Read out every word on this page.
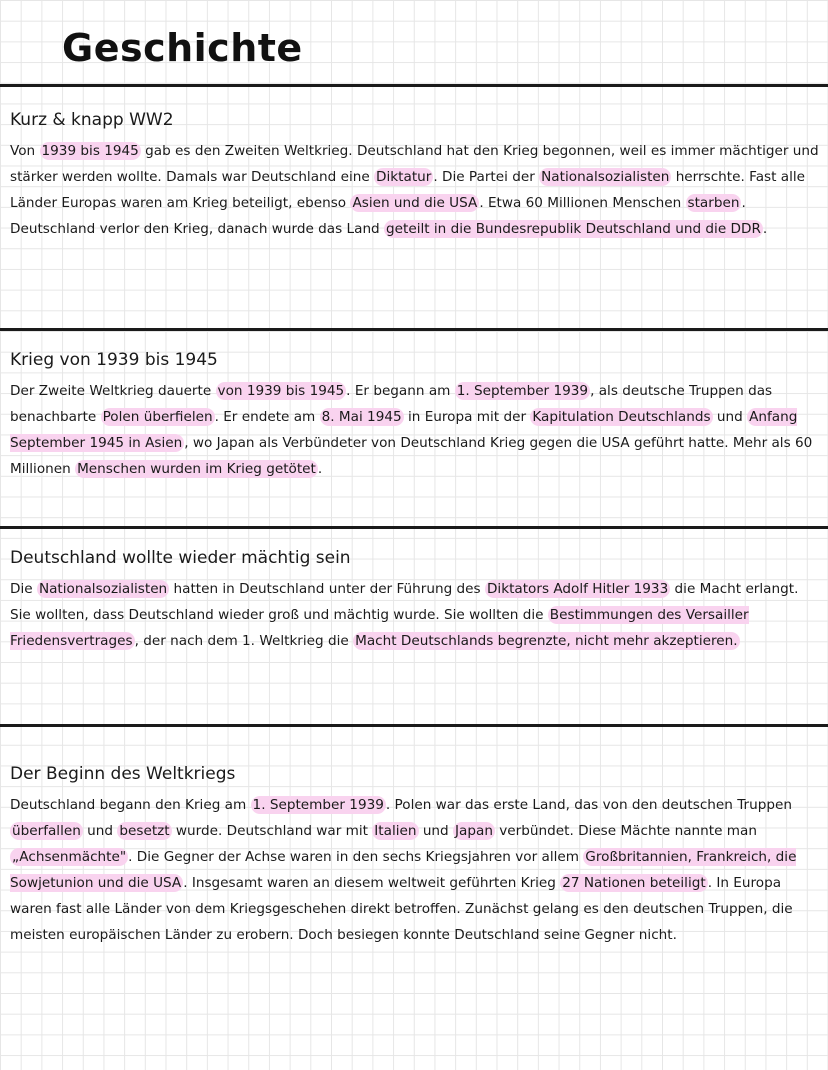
Geschichte
Kurz & knapp WW2

Von 1939 bis 1945 gab es den Zweiten Weltkrieg. Deutschland hat den Krieg begonnen, weil es immer mächtiger und stärker werden wollte. Damals war Deutschland eine Diktatur . Die Partei der Nationalsozialisten herrschte. Fast alle Länder Europas waren am Krieg beteiligt, ebenso Asien und die USA . Etwa 60 Millionen Menschen starben . Deutschland verlor den Krieg, danach wurde das Land geteilt in die Bundesrepublik Deutschland und die DDR .

Krieg von 1939 bis 1945

Der Zweite Weltkrieg dauerte von 1939 bis 1945 . Er begann am 1. September 1939 , als deutsche Truppen das benachbarte Polen überfielen . Er endete am 8. Mai 1945 in Europa mit der Kapitulation Deutschlands und Anfang September 1945 in Asien , wo Japan als Verbündeter von Deutschland Krieg gegen die USA geführt hatte. Mehr als 60 Millionen Menschen wurden im Krieg getötet .

Deutschland wollte wieder mächtig sein

Die Nationalsozialisten hatten in Deutschland unter der Führung des Diktators Adolf Hitler 1933 die Macht erlangt. Sie wollten, dass Deutschland wieder groß und mächtig wurde. Sie wollten die Bestimmungen des Versailler Friedensvertrages , der nach dem 1. Weltkrieg die Macht Deutschlands begrenzte, nicht mehr akzeptieren.

Der Beginn des Weltkriegs

Deutschland begann den Krieg am 1. September 1939 . Polen war das erste Land, das von den deutschen Truppen überfallen und besetzt wurde. Deutschland war mit Italien und Japan verbündet. Diese Mächte nannte man „Achsenmächte" . Die Gegner der Achse waren in den sechs Kriegsjahren vor allem Großbritannien, Frankreich, die Sowjetunion und die USA . Insgesamt waren an diesem weltweit geführten Krieg 27 Nationen beteiligt . In Europa waren fast alle Länder von dem Kriegsgeschehen direkt betroffen. Zunächst gelang es den deutschen Truppen, die meisten europäischen Länder zu erobern. Doch besiegen konnte Deutschland seine Gegner nicht.
